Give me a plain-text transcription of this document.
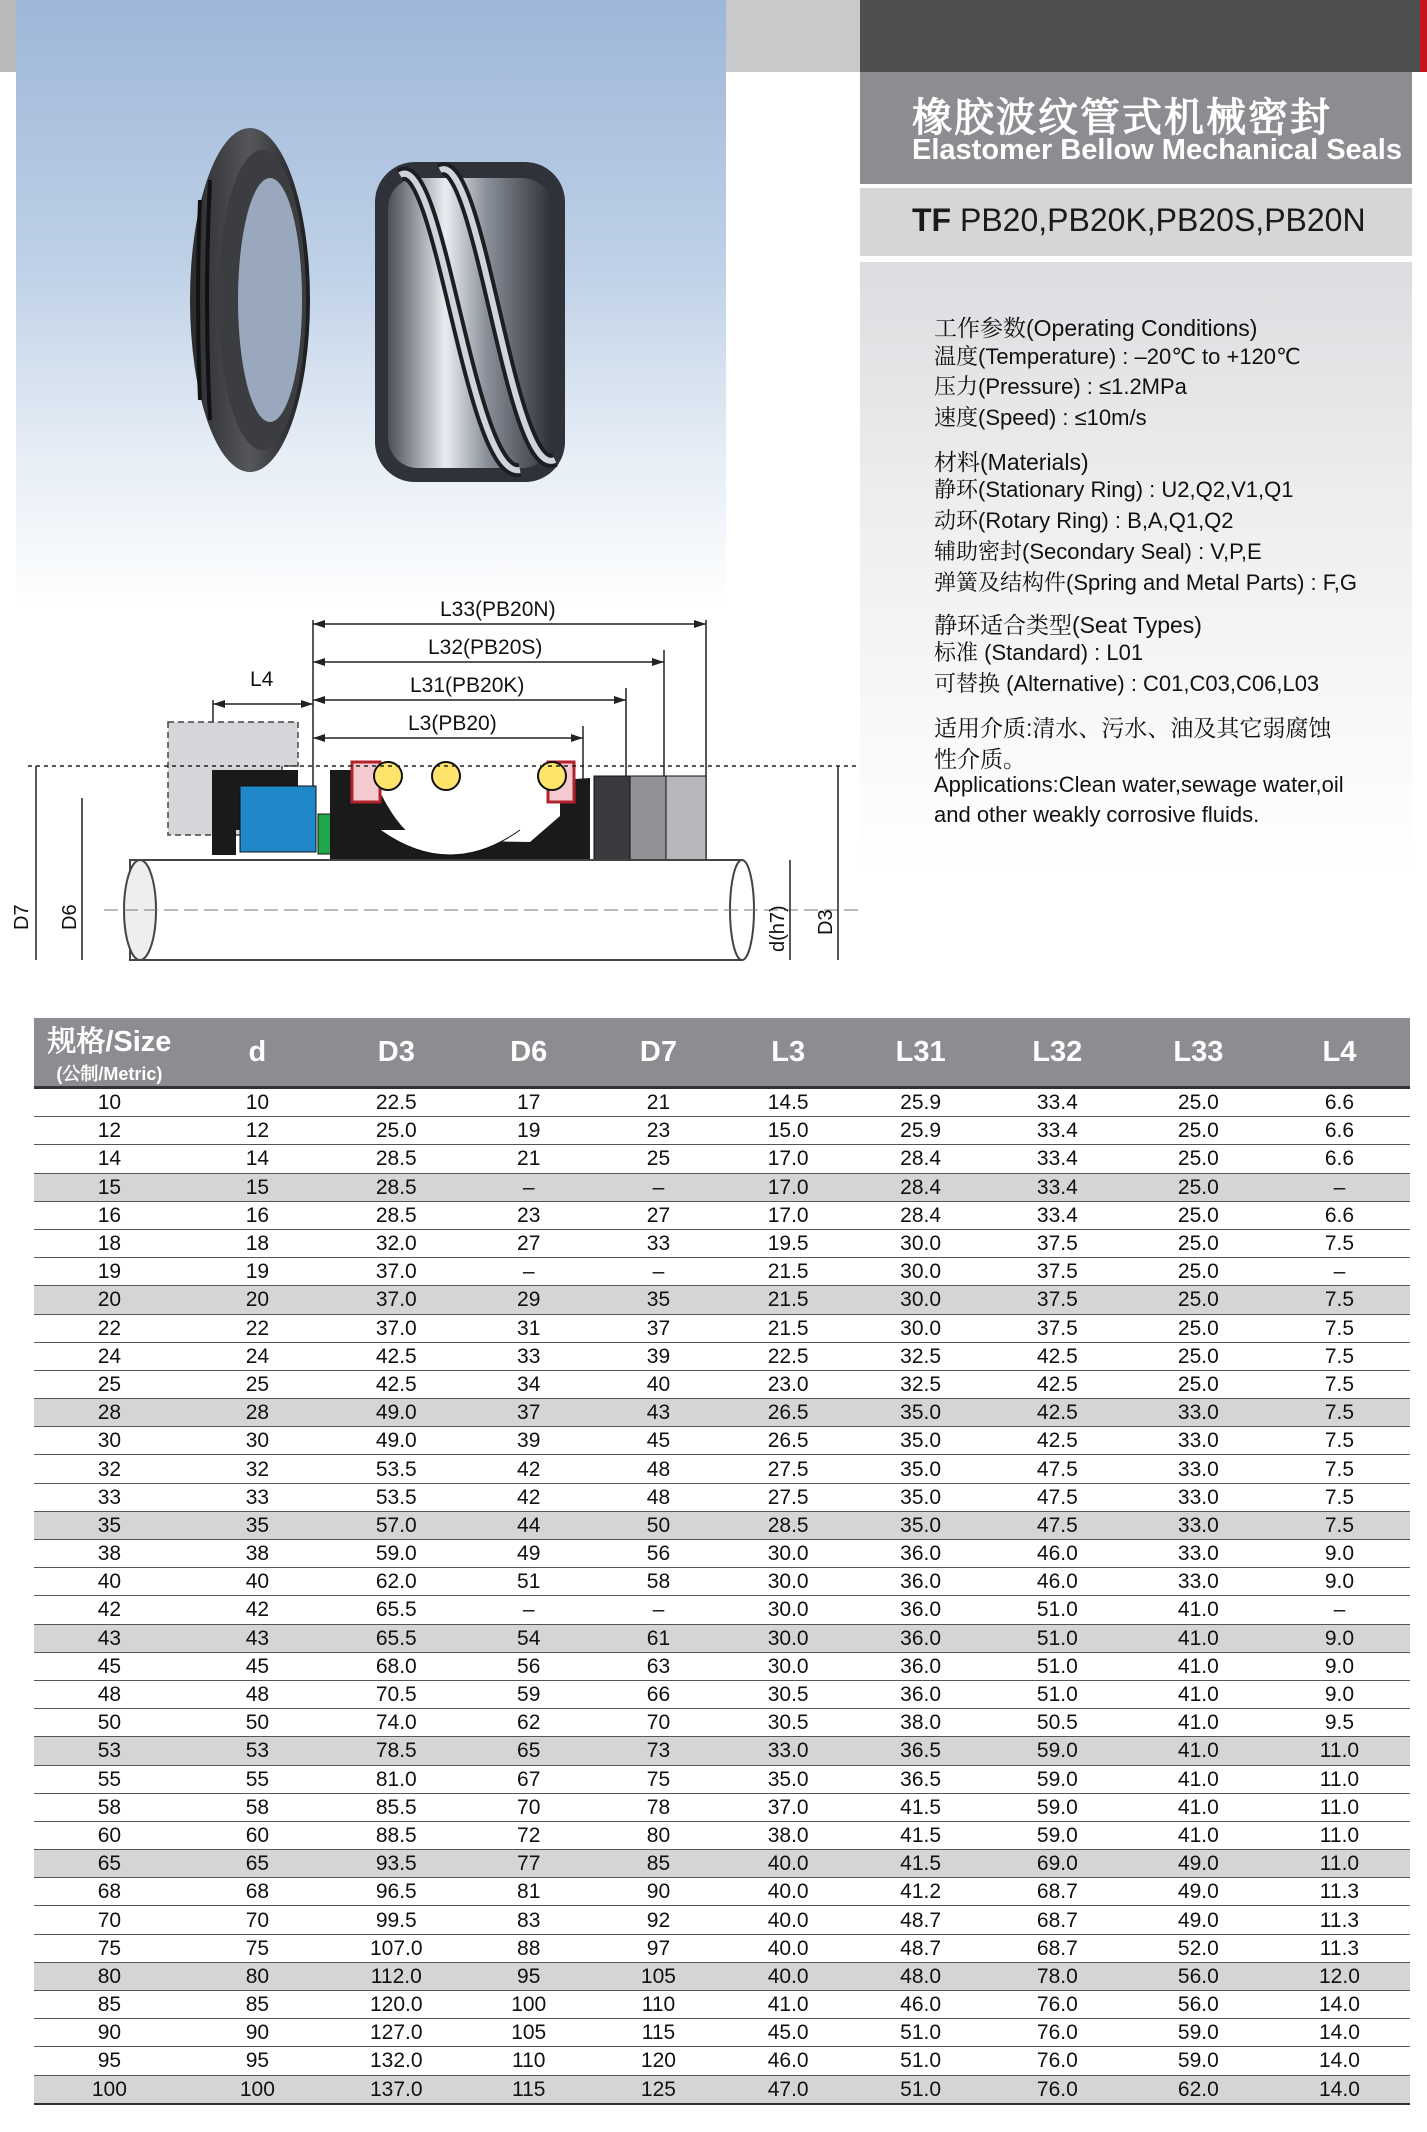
橡胶波纹管式机械密封
Elastomer Bellow Mechanical Seals
TF PB20,PB20K,PB20S,PB20N
工作参数(Operating Conditions)
温度(Temperature) : –20℃ to +120℃
压力(Pressure) : ≤1.2MPa
速度(Speed) : ≤10m/s
材料(Materials)
静环(Stationary Ring) : U2,Q2,V1,Q1
动环(Rotary Ring) : B,A,Q1,Q2
辅助密封(Secondary Seal) : V,P,E
弹簧及结构件(Spring and Metal Parts) : F,G
静环适合类型(Seat Types)
标准 (Standard) : L01
可替换 (Alternative) : C01,C03,C06,L03
适用介质:清水、污水、油及其它弱腐蚀
性介质。
Applications:Clean water,sewage water,oil
and other weakly corrosive fluids.
L33(PB20N)
L32(PB20S)
L31(PB20K)
L3(PB20)
L4
D7 D6	d(h7) D3
规格/Size
(公制/Metric)	d	D3	D6	D7	L3	L31	L32	L33	L4
10	10	22.5	17	21	14.5	25.9	33.4	25.0	6.6
12	12	25.0	19	23	15.0	25.9	33.4	25.0	6.6
14	14	28.5	21	25	17.0	28.4	33.4	25.0	6.6
15	15	28.5	–	–	17.0	28.4	33.4	25.0	–
16	16	28.5	23	27	17.0	28.4	33.4	25.0	6.6
18	18	32.0	27	33	19.5	30.0	37.5	25.0	7.5
19	19	37.0	–	–	21.5	30.0	37.5	25.0	–
20	20	37.0	29	35	21.5	30.0	37.5	25.0	7.5
22	22	37.0	31	37	21.5	30.0	37.5	25.0	7.5
24	24	42.5	33	39	22.5	32.5	42.5	25.0	7.5
25	25	42.5	34	40	23.0	32.5	42.5	25.0	7.5
28	28	49.0	37	43	26.5	35.0	42.5	33.0	7.5
30	30	49.0	39	45	26.5	35.0	42.5	33.0	7.5
32	32	53.5	42	48	27.5	35.0	47.5	33.0	7.5
33	33	53.5	42	48	27.5	35.0	47.5	33.0	7.5
35	35	57.0	44	50	28.5	35.0	47.5	33.0	7.5
38	38	59.0	49	56	30.0	36.0	46.0	33.0	9.0
40	40	62.0	51	58	30.0	36.0	46.0	33.0	9.0
42	42	65.5	–	–	30.0	36.0	51.0	41.0	–
43	43	65.5	54	61	30.0	36.0	51.0	41.0	9.0
45	45	68.0	56	63	30.0	36.0	51.0	41.0	9.0
48	48	70.5	59	66	30.5	36.0	51.0	41.0	9.0
50	50	74.0	62	70	30.5	38.0	50.5	41.0	9.5
53	53	78.5	65	73	33.0	36.5	59.0	41.0	11.0
55	55	81.0	67	75	35.0	36.5	59.0	41.0	11.0
58	58	85.5	70	78	37.0	41.5	59.0	41.0	11.0
60	60	88.5	72	80	38.0	41.5	59.0	41.0	11.0
65	65	93.5	77	85	40.0	41.5	69.0	49.0	11.0
68	68	96.5	81	90	40.0	41.2	68.7	49.0	11.3
70	70	99.5	83	92	40.0	48.7	68.7	49.0	11.3
75	75	107.0	88	97	40.0	48.7	68.7	52.0	11.3
80	80	112.0	95	105	40.0	48.0	78.0	56.0	12.0
85	85	120.0	100	110	41.0	46.0	76.0	56.0	14.0
90	90	127.0	105	115	45.0	51.0	76.0	59.0	14.0
95	95	132.0	110	120	46.0	51.0	76.0	59.0	14.0
100	100	137.0	115	125	47.0	51.0	76.0	62.0	14.0
